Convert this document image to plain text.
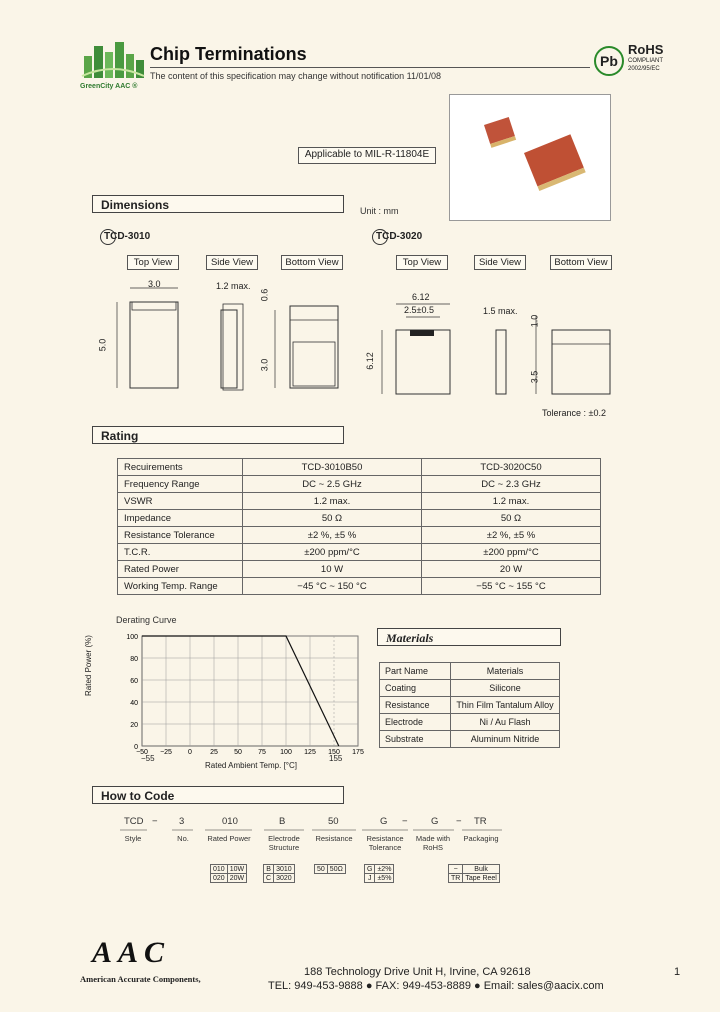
GreenCity AAC ®
Chip Terminations
The content of this specification may change without notification 11/01/08
Pb
RoHS
COMPLIANT
2002/95/EC
Applicable to MIL-R-11804E
Dimensions	Unit : mm
TCD-3010
Top View	Side View	Bottom View
3.0
5.0
1.2 max.
0.6
3.0
TCD-3020
Top View	Side View	Bottom View
6.12
2.5±0.5
6.12
1.5 max.
1.0
3.5
Tolerance : ±0.2
Rating
Recuirements	TCD-3010B50	TCD-3020C50
Frequency Range	DC ~ 2.5 GHz	DC ~ 2.3 GHz
VSWR	1.2 max.	1.2 max.
Impedance	50 Ω	50 Ω
Resistance Tolerance	±2 %, ±5 %	±2 %, ±5 %
T.C.R.	±200 ppm/°C	±200 ppm/°C
Rated Power	10 W	20 W
Working Temp. Range	−45 °C ~ 150 °C	−55 °C ~ 155 °C
Derating Curve
100
80
60
40
20
0
−50 −25 0	25 50 75 100 125 150 175
Rated Power (%)
Rated Ambient Temp. [°C]
−55	155
Materials
Part Name	Materials
Coating	Silicone
Resistance	Thin Film Tantalum Alloy
Electrode	Ni / Au Flash
Substrate	Aluminum Nitride
How to Code
TCD − 3	010	B	50	G − G − TR
Style	No.	Rated Power	Electrode Structure
Resistance	Resistance Tolerance
Made with RoHS
Packaging
010	10W
020	20W
B	3010
C	3020
50	50Ω	G	±2%
J	±5%
−	Bulk
TR	Tape Reel
AAC
American Accurate Components,
188 Technology Drive Unit H, Irvine, CA 92618
TEL: 949-453-9888 ● FAX: 949-453-8889 ● Email: sales@aacix.com
1
